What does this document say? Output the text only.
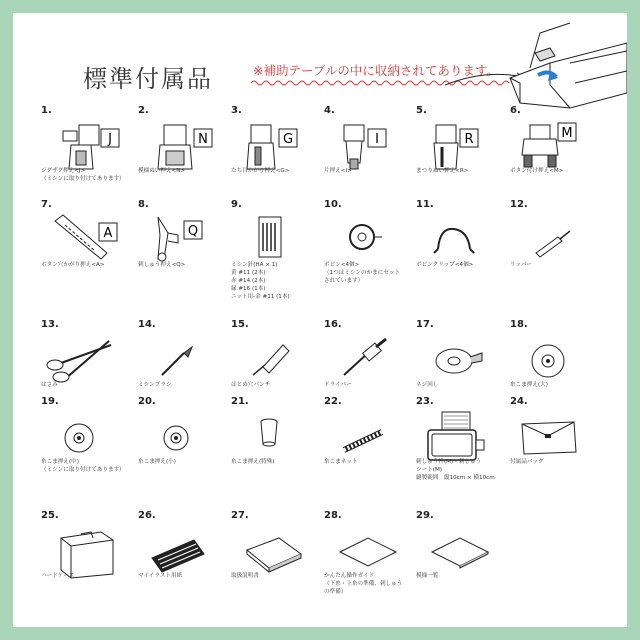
標準付属品	※補助テーブルの中に収納されてあります。
1.
J
ジグザグ押え<J>
（ミシンに取り付けてあります）
2.
N
模様ぬい押え<N>
3.
G
たち目かがり押え<G>
4.
I
片押え<I>
5.
R
まつりぬい押え<R>
6.
M
ボタン付け押え<M>
7.
A
ボタン穴かがり押え<A>
8.
Q
刺しゅう押え<Q>
9.
ミシン針(HA × 1)
黄 #11 (2本)
赤 #14 (2本)
緑 #16 (1本)
ニット用-金 #11 (1本)
10.
ボビン<4個>
（1つはミシンのかまにセット
されています）
11.
ボビンクリップ<4個>
12.
リッパー
13.
はさみ
14.
ミシンブラシ
15.
はとめ穴パンチ
16.
ドライバー
17.
ネジ回し
18.
糸こま押え(大)
19.
糸こま押え(中)
（ミシンに取り付けてあります）
20.
糸こま押え(小)
21.
糸こま押え(特殊)
22.
糸こまネット
23.
刺しゅう枠(M)・刺しゅう
シート(M)
縫製範囲　縦10cm × 横10cm
24.
付属品バッグ
25.
ハードケース
26.
マイイラスト用紙
27.
取扱説明書
28.
かんたん操作ガイド
（下糸・上糸の準備、刺しゅう
の準備）
29.
模様一覧
